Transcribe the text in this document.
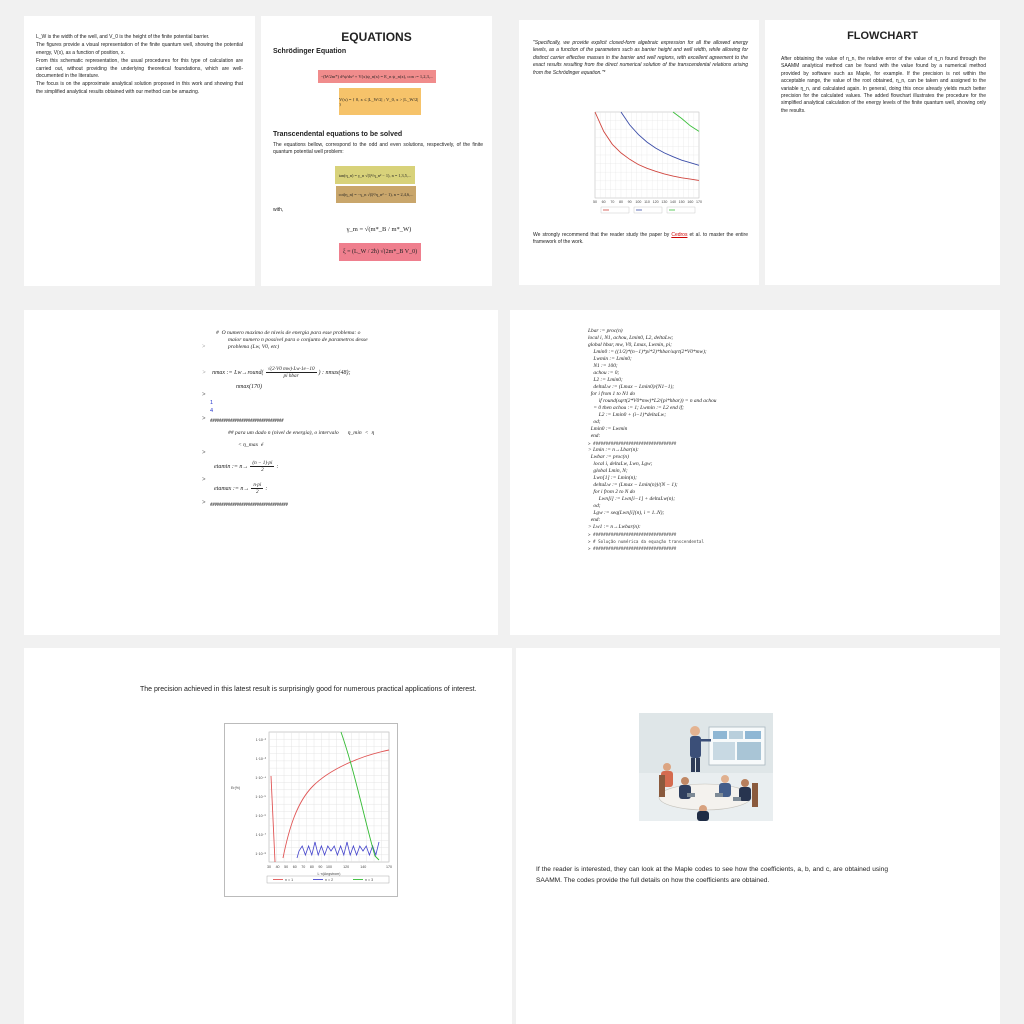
L_W is the width of the well, and V_0 is the height of the finite potential barrier.

The figures provide a visual representation of the finite quantum well, showing the potential energy, V(x), as a function of position, x.

From this schematic representation, the usual procedures for this type of calculation are carried out, without providing the underlying theoretical foundations, which are well-documented in the literature.

The focus is on the approximate analytical solution proposed in this work and showing that the simplified analytical results obtained with our method can be amazing.

EQUATIONS
Schrödinger Equation
−(ħ²/2m*) d²ψ/dx² + V(x)ψ_n(x) = E_n ψ_n(x), con := 1,2,3,...
V(x) = { 0, x ≤ |L_W/2| ; V_0, x > |L_W/2| }
Transcendental equations to be solved

The equations bellow, correspond to the odd and even solutions, respectively, of the finite quantum potential well problem:

tan(η_n) = γ_n √(ξ²/η_n² − 1), n = 1,3,5,...
cot(η_n) = −γ_n √(ξ²/η_n² − 1), n = 2,4,6,...

with,

γ_m = √(m*_B / m*_W)
ξ = (L_W / 2ħ) √(2m*_B V_0)

"Specifically, we provide explicit closed-form algebraic expression for all the allowed energy levels, as a function of the parameters such as barrier height and well width, while allowing for distinct carrier effective masses in the barrier and well regions, with excellent agreement to the exact results resulting from the direct numerical solution of the transcendental relations arising from the Schrödinger equation."*

50 60 70 80 90 100 110 120 130 140 150 160 170

We strongly recommend that the reader study the paper by Cedros et al. to master the entire framework of the work.

FLOWCHART

After obtaining the value of η_n, the relative error of the value of η_n found through the SAAMM analytical method can be found with the value found by a numerical method provided by software such as Maple, for example. If the precision is not within the acceptable range, the value of the root obtained, η_n, can be taken and assigned to the variable η_n, and calculated again. In general, doing this once already yields much better precision for the calculated values. The added flowchart illustrates the procedure for the simplified analytical calculation of the energy levels of the finite quantum well, showing only the results.

#  O numero maximo de niveis de energia para esse problema: o
maior numero n possivel para o conjunto de parametros desse
>	problema (Lw, V0, etc)
> nmax := Lw→round(
√(2·V0 mw)·Lw·1e−10
pi hbar
) : nmax(48);
nmax(170)
>
1
4
> #################################
## para um dado n (nivel de energia), o intervalo η_min < η
< η_max  é
>
etamin := $n\to \frac{(n - 1)\cdot pi}{2}$ :
>
etamax := $n\to \frac{n\cdot pi}{2}$ :
> ###################################
Lbar := proc(n)
local i, N1, achou, Lmin0, L2, deltaLw;
global hbar, mw, V0, Lmax, Lwmin, pi;
Lmin0 := ((1/2)*(n−1)*pi*2)*hbar/sqrt(2*V0*mw);
Lwmin := Lmin0;
N1 := 100;
achou := 0;
L2 := Lmin0;
deltaLw := (Lmax − Lmin0)/(N1−1);
for i from 1 to N1 do
if round(sqrt(2*V0*mw)*L2/(pi*hbar)) = n and achou
= 0 then achou := 1; Lwmin := L2 end if;
L2 := Lmin0 + (i−1)*deltaLw;
od;
Lmin0 := Lwmin
end:
> #################################
> Lmin := n→Lbar(n):
Lwbar := proc(n)
local i, deltaLw, Lwn, Lgw;
global Lmin, N;
Lwn[1] := Lmin(n);
deltaLw := (Lmax − Lmin(n))/(N − 1);
for i from 2 to N do
Lwn[i] := Lwn[i−1] + deltaLw(n);
od;
Lgw := seq(Lwn[i](n), i = 1..N);
end:
> Lw1 := n→Lwbar(n):
> #################################
> # Solução numérica da equação transcendental
> #################################

The precision achieved in this latest result is surprisingly good for numerous practical applications of interest.

1·10⁻²
1·10⁻³
1·10⁻⁴
1·10⁻⁵
1·10⁻⁶
1·10⁻⁷
1·10⁻⁸
30 40 50 60 70 80 90 100	120	140	170
Er(%)
L·n(Angstrom)
n = 1	n = 2	n = 3

If the reader is interested, they can look at the Maple codes to see how the coefficients, a, b, and c, are obtained using SAAMM. The codes provide the full details on how the coefficients are obtained.
